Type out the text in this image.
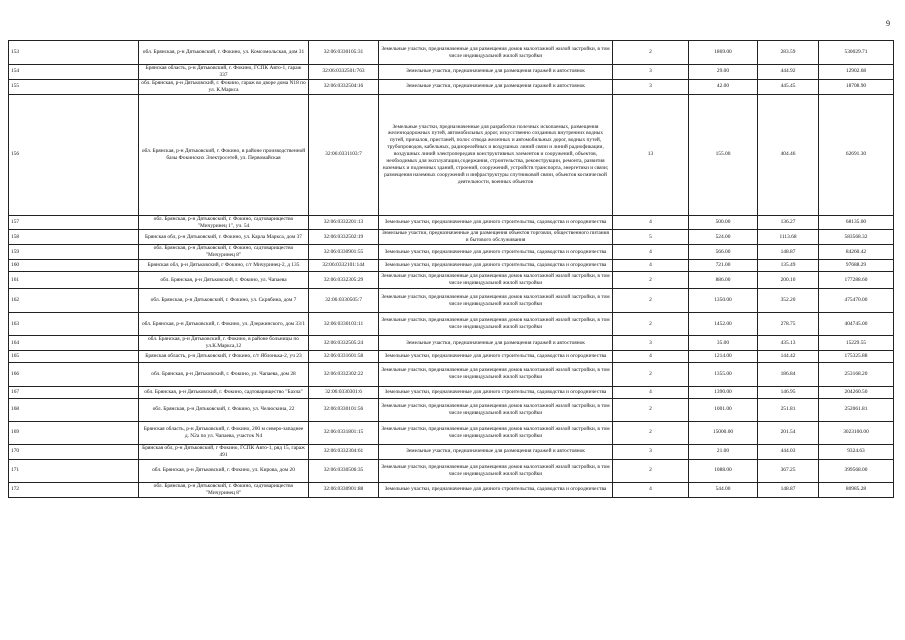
9
153	обл. Брянская, р-н Дятьковский, г. Фокино, ул. Комсомольская, дом 31	32:06:0330105:31	Земельные участки, предназначенные для размещения домов малоэтажной жилой застройки, в том числе индивидуальной жилой застройки	2	1869.00	283.59	530029.71
154	Брянская область, р-н Дятьковский, г. Фокино, ГСПК Авто-1, гараж 337	32:06:0332501:763	Земельные участки, предназначенные для размещения гаражей и автостоянок	3	29.00	444.92	12902.68
155	обл. Брянская, р-н Дятьковский, г. Фокино, гараж во дворе дома N18 по ул. К.Маркса	32:06:0332504:16	Земельные участки, предназначенные для размещения гаражей и автостоянок	3	42.00	445.45	18708.90
156	обл. Брянская, р-н Дятьковский, г. Фокино, в районе производственной базы Фокинских Электросетей, ул. Первомайская	32:06:0331103:7	Земельные участки, предназначенные для разработки полезных ископаемых, размещения железнодорожных путей, автомобильных дорог, искусственно созданных внутренних водных путей, причалов, пристаней, полос отвода железных и автомобильных дорог, водных путей, трубопроводов, кабельных, радиорелейных и воздушных линий связи и линий радиофикации, воздушных линий электропередачи конструктивных элементов и сооружений, объектов, необходимых для эксплуатации,содержания, строительства, реконструкции, ремонта, развития наземных и подземных зданий, строений, сооружений, устройств транспорта, энергетики и связи; размещения наземных сооружений и инфраструктуры спутниковой связи, объектов космической деятельности, военных объектов	13	155.00	404.46	62691.30
157	обл. Брянская, р-н Дятьковский, г. Фокино, садтоварищество "Мичуринец 1", уч. 54	32:06:0332201:13	Земельные участки, предназначенные для дачного строительства, садоводства и огородничества	4	500.00	136.27	68135.00
158	Брянская обл, р-н Дятьковский, г. Фокино, ул. Карла Маркса, дом 37	32:06:0332502:19	Земельные участки, предназначенные для размещения объектов торговли, общественного питания и бытового обслуживания	5	524.00	1113.68	583568.32
159	обл. Брянская, р-н Дятьковский, г. Фокино, садтоварищество "Мичуринец 8"	32:06:0330901:55	Земельные участки, предназначенные для дачного строительства, садоводства и огородничества	4	566.00	148.87	84260.42
160	Брянская обл, р-н Дятьковский, г Фокино, с/т Мичуринец-2, д 135	32:06:0332101:144	Земельные участки, предназначенные для дачного строительства, садоводства и огородничества	4	721.00	135.49	97688.29
161	обл. Брянская, р-н Дятьковский, г. Фокино, ул. Чапаева	32:06:0332305:29	Земельные участки, предназначенные для размещения домов малоэтажной жилой застройки, в том числе индивидуальной жилой застройки	2	886.00	200.10	177288.60
162	обл. Брянская, р-н Дятьковский, г. Фокино, ул. Скрябина, дом 7	32:06:0330505:7	Земельные участки, предназначенные для размещения домов малоэтажной жилой застройки, в том числе индивидуальной жилой застройки	2	1350.00	352.20	475470.00
163	обл. Брянская, р-н Дятьковский, г. Фокино, ул. Дзержинского, дом 33/1	32:06:0330103:11	Земельные участки, предназначенные для размещения домов малоэтажной жилой застройки, в том числе индивидуальной жилой застройки	2	1452.00	278.75	404745.00
164	обл. Брянская, р-н Дятьковский, г. Фокино, в районе больницы по ул.К.Маркса,12	32:06:0332505:24	Земельные участки, предназначенные для размещения гаражей и автостоянок	3	35.00	435.13	15229.55
165	Брянская область, р-н Дятьковский, г Фокино, с/т Яблонька-2, уч 23	32:06:0331601:58	Земельные участки, предназначенные для дачного строительства, садоводства и огородничества	4	1214.00	144.42	175325.88
166	обл. Брянская, р-н Дятьковский, г. Фокино, ул. Чапаева, дом 28	32:06:0332302:22	Земельные участки, предназначенные для размещения домов малоэтажной жилой застройки, в том числе индивидуальной жилой застройки	2	1355.00	186.84	253168.20
167	обл. Брянская, р-н Дятьковский, г. Фокино, садтоварищество "Бахча"	32:06:0330301:6	Земельные участки, предназначенные для дачного строительства, садоводства и огородничества	4	1390.00	146.95	204260.50
168	обл. Брянская, р-н Дятьковский, г. Фокино, ул. Челюскина, 22	32:06:0330101:56	Земельные участки, предназначенные для размещения домов малоэтажной жилой застройки, в том числе индивидуальной жилой застройки	2	1001.00	251.81	252061.81
169	Брянская область, р-н Дятьковский, г. Фокино, 200 м северо-западнее д. N2а по ул. Чапаева, участок N4	32:06:0331801:15	Земельные участки, предназначенные для размещения домов малоэтажной жилой застройки, в том числе индивидуальной жилой застройки	2	15000.00	201.54	3023100.00
170	Брянская обл, р-н Дятьковский, г Фокино, ГСПК Авто-1, ряд 15, гараж 491	32:06:0332304:61	Земельные участки, предназначенные для размещения гаражей и автостоянок	3	21.00	444.03	9324.63
171	обл. Брянская, р-н Дятьковский, г. Фокино, ул. Кирова, дом 20	32:06:0330506:35	Земельные участки, предназначенные для размещения домов малоэтажной жилой застройки, в том числе индивидуальной жилой застройки	2	1088.00	367.25	399568.00
172	обл. Брянская, р-н Дятьковский, г. Фокино, садтоварищество "Мичуринец 8"	32:06:0330901:88	Земельные участки, предназначенные для дачного строительства, садоводства и огородничества	4	544.00	148.87	80985.28
